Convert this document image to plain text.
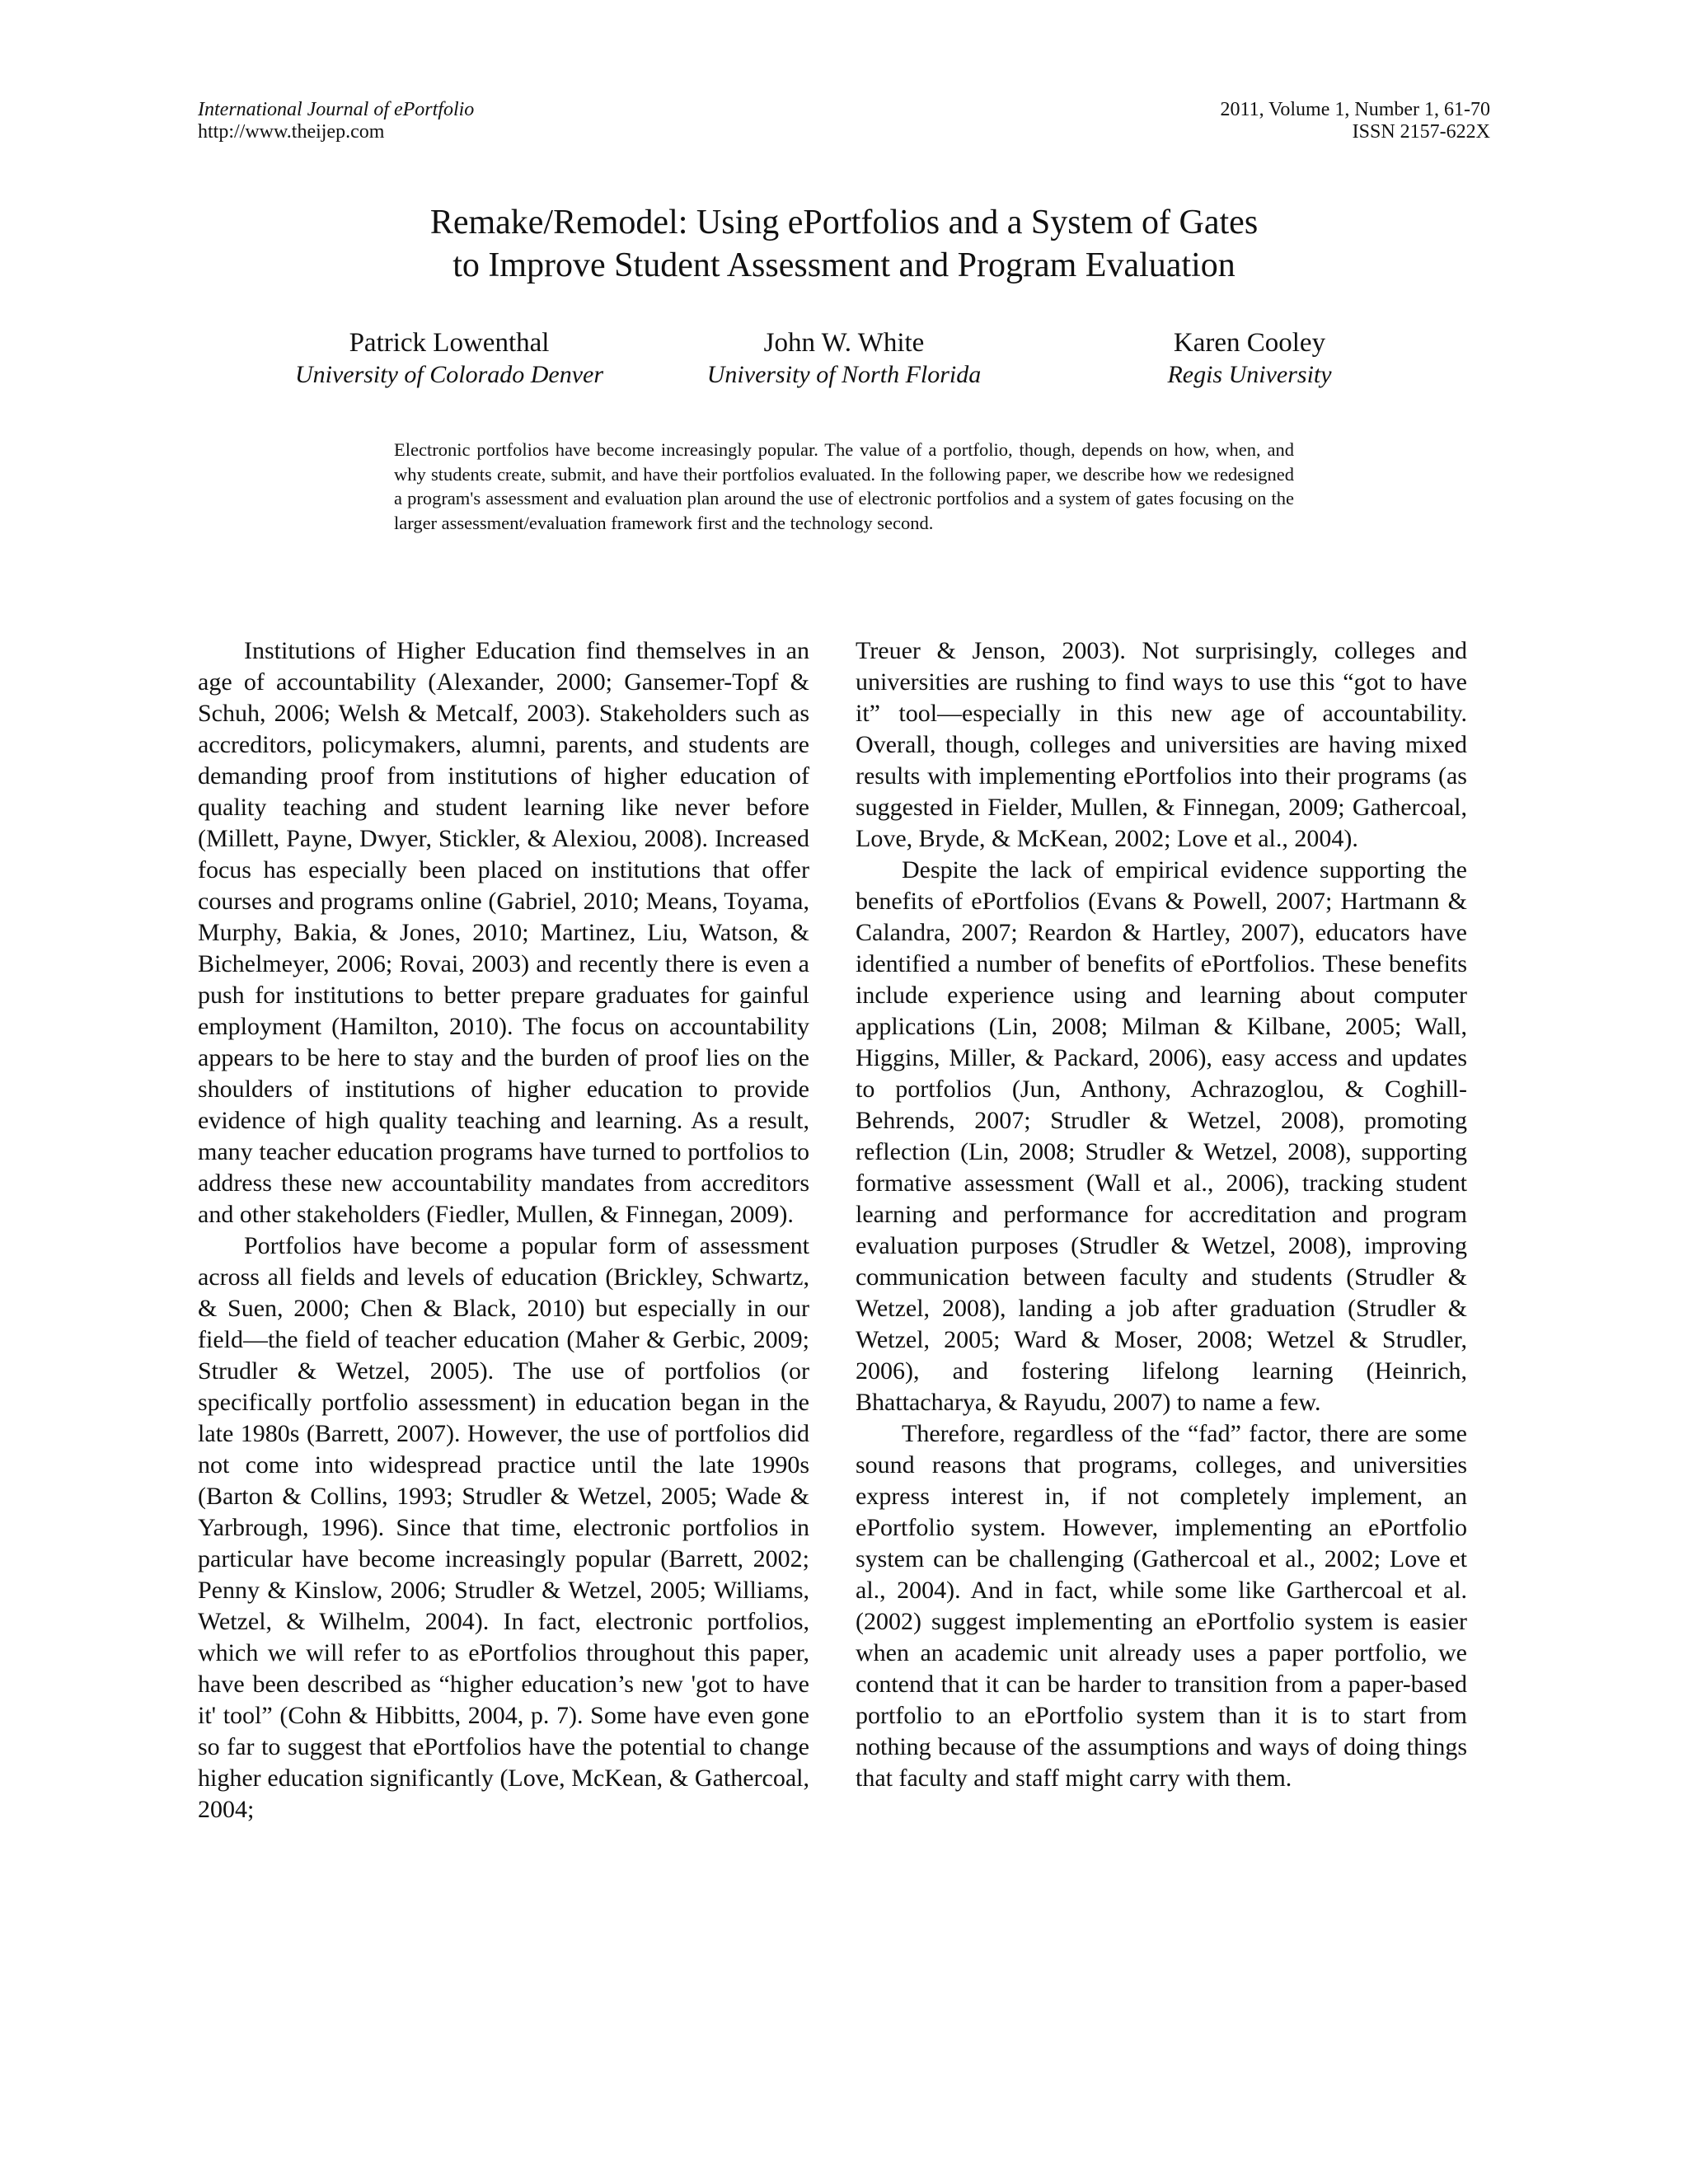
International Journal of ePortfolio
http://www.theijep.com
2011, Volume 1, Number 1, 61-70
ISSN 2157-622X
Remake/Remodel: Using ePortfolios and a System of Gates
to Improve Student Assessment and Program Evaluation
Patrick Lowenthal
University of Colorado Denver
John W. White
University of North Florida
Karen Cooley
Regis University
Electronic portfolios have become increasingly popular. The value of a portfolio, though, depends on how, when, and why students create, submit, and have their portfolios evaluated. In the following paper, we describe how we redesigned a program's assessment and evaluation plan around the use of electronic portfolios and a system of gates focusing on the larger assessment/evaluation framework first and the technology second.

Institutions of Higher Education find themselves in an age of accountability (Alexander, 2000; Gansemer-Topf & Schuh, 2006; Welsh & Metcalf, 2003). Stakeholders such as accreditors, policymakers, alumni, parents, and students are demanding proof from institutions of higher education of quality teaching and student learning like never before (Millett, Payne, Dwyer, Stickler, & Alexiou, 2008). Increased focus has especially been placed on institutions that offer courses and programs online (Gabriel, 2010; Means, Toyama, Murphy, Bakia, & Jones, 2010; Martinez, Liu, Watson, & Bichelmeyer, 2006; Rovai, 2003) and recently there is even a push for institutions to better prepare graduates for gainful employment (Hamilton, 2010). The focus on accountability appears to be here to stay and the burden of proof lies on the shoulders of institutions of higher education to provide evidence of high quality teaching and learning. As a result, many teacher education programs have turned to portfolios to address these new accountability mandates from accreditors and other stakeholders (Fiedler, Mullen, & Finnegan, 2009).

Portfolios have become a popular form of assessment across all fields and levels of education (Brickley, Schwartz, & Suen, 2000; Chen & Black, 2010) but especially in our field—the field of teacher education (Maher & Gerbic, 2009; Strudler & Wetzel, 2005). The use of portfolios (or specifically portfolio assessment) in education began in the late 1980s (Barrett, 2007). However, the use of portfolios did not come into widespread practice until the late 1990s (Barton & Collins, 1993; Strudler & Wetzel, 2005; Wade & Yarbrough, 1996). Since that time, electronic portfolios in particular have become increasingly popular (Barrett, 2002; Penny & Kinslow, 2006; Strudler & Wetzel, 2005; Williams, Wetzel, & Wilhelm, 2004). In fact, electronic portfolios, which we will refer to as ePortfolios throughout this paper, have been described as “higher education’s new 'got to have it' tool” (Cohn & Hibbitts, 2004, p. 7). Some have even gone so far to suggest that ePortfolios have the potential to change higher education significantly (Love, McKean, & Gathercoal, 2004;

Treuer & Jenson, 2003). Not surprisingly, colleges and universities are rushing to find ways to use this “got to have it” tool—especially in this new age of accountability. Overall, though, colleges and universities are having mixed results with implementing ePortfolios into their programs (as suggested in Fielder, Mullen, & Finnegan, 2009; Gathercoal, Love, Bryde, & McKean, 2002; Love et al., 2004).

Despite the lack of empirical evidence supporting the benefits of ePortfolios (Evans & Powell, 2007; Hartmann & Calandra, 2007; Reardon & Hartley, 2007), educators have identified a number of benefits of ePortfolios. These benefits include experience using and learning about computer applications (Lin, 2008; Milman & Kilbane, 2005; Wall, Higgins, Miller, & Packard, 2006), easy access and updates to portfolios (Jun, Anthony, Achrazoglou, & Coghill-Behrends, 2007; Strudler & Wetzel, 2008), promoting reflection (Lin, 2008; Strudler & Wetzel, 2008), supporting formative assessment (Wall et al., 2006), tracking student learning and performance for accreditation and program evaluation purposes (Strudler & Wetzel, 2008), improving communication between faculty and students (Strudler & Wetzel, 2008), landing a job after graduation (Strudler & Wetzel, 2005; Ward & Moser, 2008; Wetzel & Strudler, 2006), and fostering lifelong learning (Heinrich, Bhattacharya, & Rayudu, 2007) to name a few.

Therefore, regardless of the “fad” factor, there are some sound reasons that programs, colleges, and universities express interest in, if not completely implement, an ePortfolio system. However, implementing an ePortfolio system can be challenging (Gathercoal et al., 2002; Love et al., 2004). And in fact, while some like Garthercoal et al. (2002) suggest implementing an ePortfolio system is easier when an academic unit already uses a paper portfolio, we contend that it can be harder to transition from a paper-based portfolio to an ePortfolio system than it is to start from nothing because of the assumptions and ways of doing things that faculty and staff might carry with them.
